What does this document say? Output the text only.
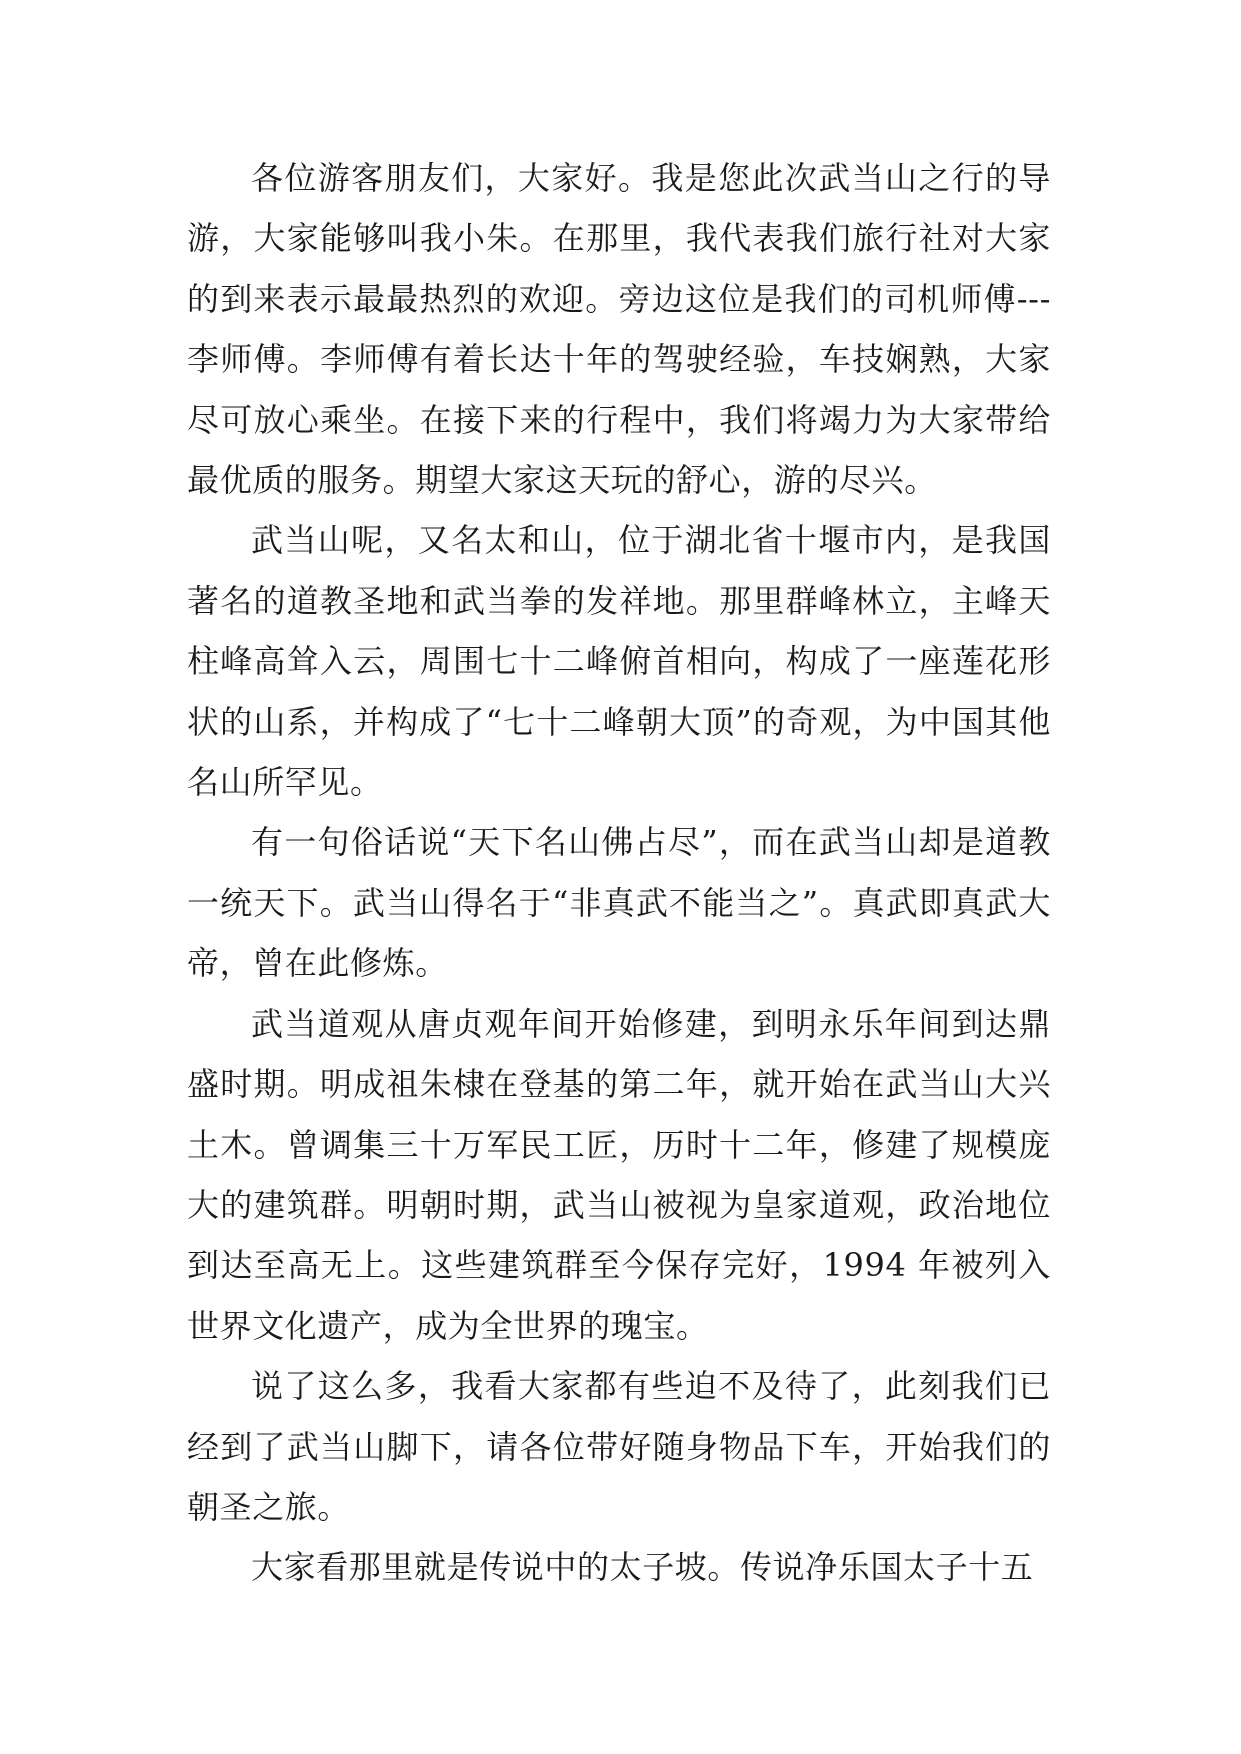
各位游客朋友们，大家好。我是您此次武当山之行的导游，大家能够叫我小朱。在那里，我代表我们旅行社对大家的到来表示最最热烈的欢迎。旁边这位是我们的司机师傅---李师傅。李师傅有着长达十年的驾驶经验，车技娴熟，大家尽可放心乘坐。在接下来的行程中，我们将竭力为大家带给最优质的服务。期望大家这天玩的舒心，游的尽兴。

武当山呢，又名太和山，位于湖北省十堰市内，是我国著名的道教圣地和武当拳的发祥地。那里群峰林立，主峰天柱峰高耸入云，周围七十二峰俯首相向，构成了一座莲花形状的山系，并构成了“七十二峰朝大顶”的奇观，为中国其他名山所罕见。

有一句俗话说“天下名山佛占尽”，而在武当山却是道教一统天下。武当山得名于“非真武不能当之”。真武即真武大帝，曾在此修炼。

武当道观从唐贞观年间开始修建，到明永乐年间到达鼎盛时期。明成祖朱棣在登基的第二年，就开始在武当山大兴土木。曾调集三十万军民工匠，历时十二年，修建了规模庞大的建筑群。明朝时期，武当山被视为皇家道观，政治地位到达至高无上。这些建筑群至今保存完好，1994 年被列入世界文化遗产，成为全世界的瑰宝。

说了这么多，我看大家都有些迫不及待了，此刻我们已经到了武当山脚下，请各位带好随身物品下车，开始我们的朝圣之旅。

大家看那里就是传说中的太子坡。传说净乐国太子十五
